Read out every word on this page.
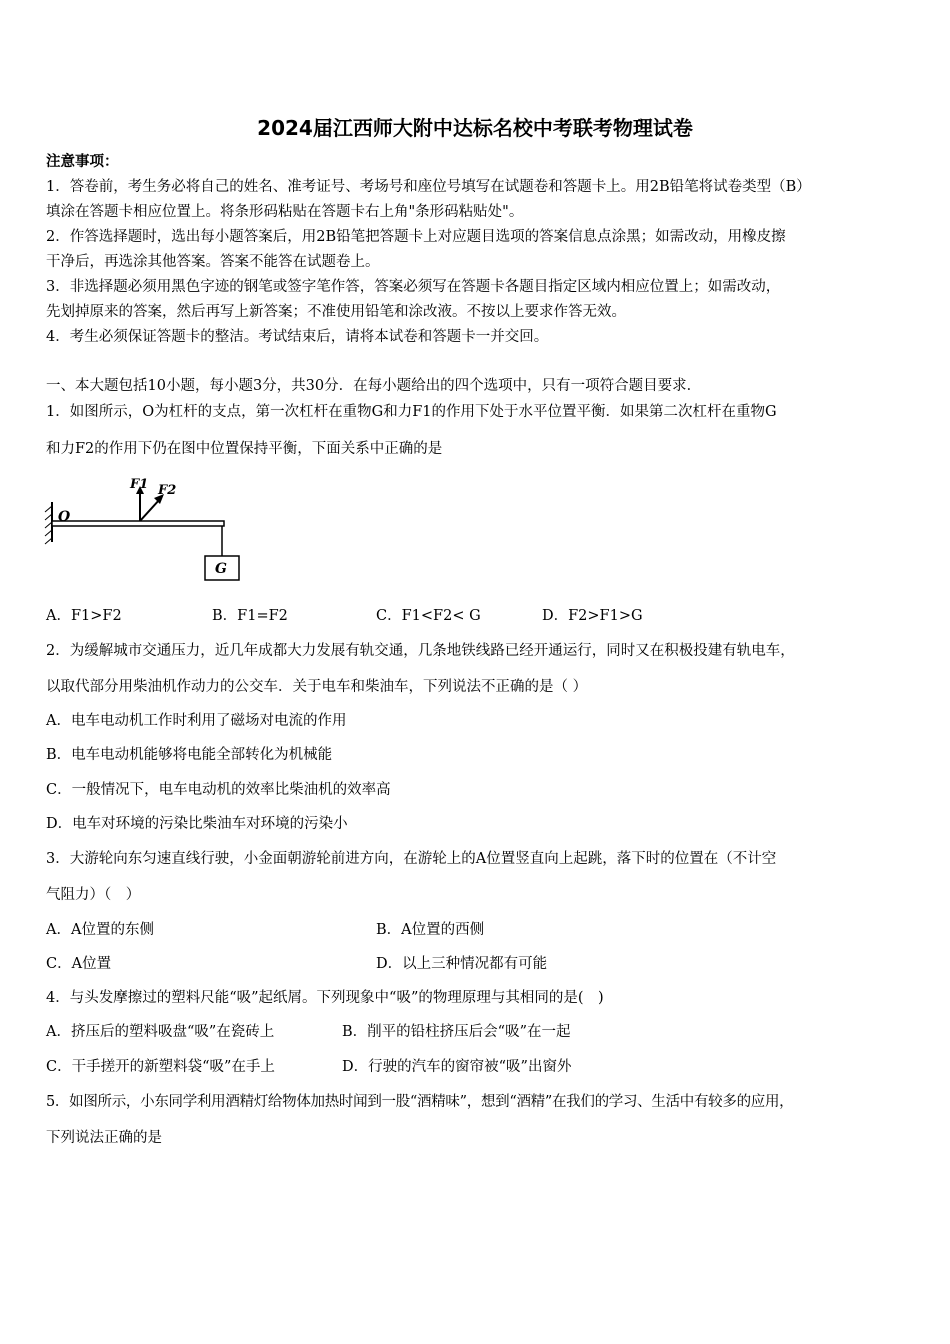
2024届江西师大附中达标名校中考联考物理试卷
注意事项：
1．答卷前，考生务必将自己的姓名、准考证号、考场号和座位号填写在试题卷和答题卡上。用2B铅笔将试卷类型（B）
填涂在答题卡相应位置上。将条形码粘贴在答题卡右上角"条形码粘贴处"。
2．作答选择题时，选出每小题答案后，用2B铅笔把答题卡上对应题目选项的答案信息点涂黑；如需改动，用橡皮擦
干净后，再选涂其他答案。答案不能答在试题卷上。
3．非选择题必须用黑色字迹的钢笔或签字笔作答，答案必须写在答题卡各题目指定区域内相应位置上；如需改动，
先划掉原来的答案，然后再写上新答案；不准使用铅笔和涂改液。不按以上要求作答无效。
4．考生必须保证答题卡的整洁。考试结束后，请将本试卷和答题卡一并交回。
一、本大题包括10小题，每小题3分，共30分．在每小题给出的四个选项中，只有一项符合题目要求．
1．如图所示，O为杠杆的支点，第一次杠杆在重物G和力F1的作用下处于水平位置平衡．如果第二次杠杆在重物G
和力F2的作用下仍在图中位置保持平衡，下面关系中正确的是
O
F1 F2
G
A．F1>F2	B．F1=F2	C．F1<F2< G	D．F2>F1>G
2．为缓解城市交通压力，近几年成都大力发展有轨交通，几条地铁线路已经开通运行，同时又在积极投建有轨电车，
以取代部分用柴油机作动力的公交车．关于电车和柴油车，下列说法不正确的是（ ）
A．电车电动机工作时利用了磁场对电流的作用
B．电车电动机能够将电能全部转化为机械能
C．一般情况下，电车电动机的效率比柴油机的效率高
D．电车对环境的污染比柴油车对环境的污染小
3．大游轮向东匀速直线行驶，小金面朝游轮前进方向，在游轮上的A位置竖直向上起跳，落下时的位置在（不计空
气阻力）（　）
A．A位置的东侧	B．A位置的西侧
C．A位置	D．以上三种情况都有可能
4．与头发摩擦过的塑料尺能“吸”起纸屑。下列现象中“吸”的物理原理与其相同的是(　)
A．挤压后的塑料吸盘“吸”在瓷砖上	B．削平的铅柱挤压后会“吸”在一起
C．干手搓开的新塑料袋“吸”在手上	D．行驶的汽车的窗帘被“吸”出窗外
5．如图所示，小东同学利用酒精灯给物体加热时闻到一股“酒精味”，想到“酒精”在我们的学习、生活中有较多的应用，
下列说法正确的是
